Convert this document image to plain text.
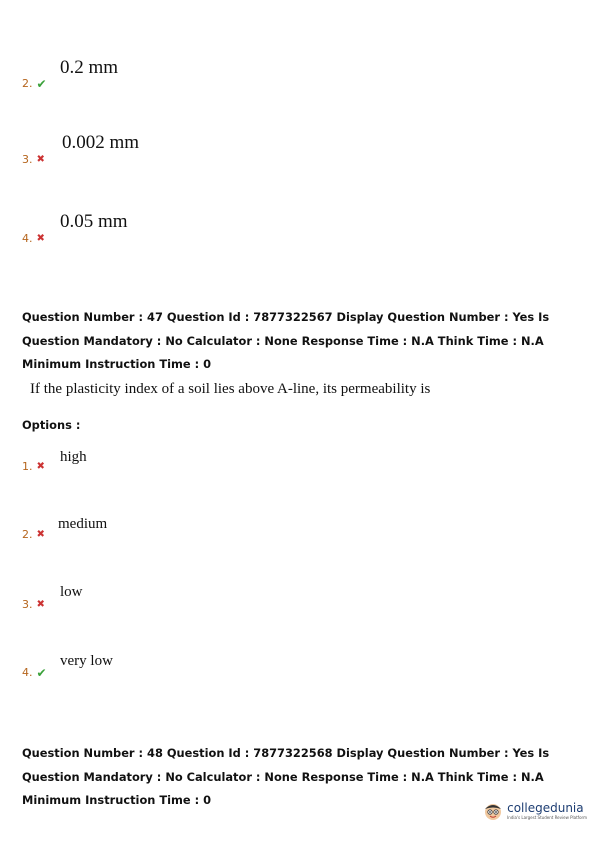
2. ✔
0.2 mm
3. ✖
0.002 mm
4. ✖
0.05 mm
Question Number : 47 Question Id : 7877322567 Display Question Number : Yes Is Question Mandatory : No Calculator : None Response Time : N.A Think Time : N.A Minimum Instruction Time : 0
If the plasticity index of a soil lies above A-line, its permeability is
Options :
1. ✖
high
2. ✖
medium
3. ✖
low
4. ✔
very low
Question Number : 48 Question Id : 7877322568 Display Question Number : Yes Is Question Mandatory : No Calculator : None Response Time : N.A Think Time : N.A Minimum Instruction Time : 0
collegedunia
India's Largest Student Review Platform
